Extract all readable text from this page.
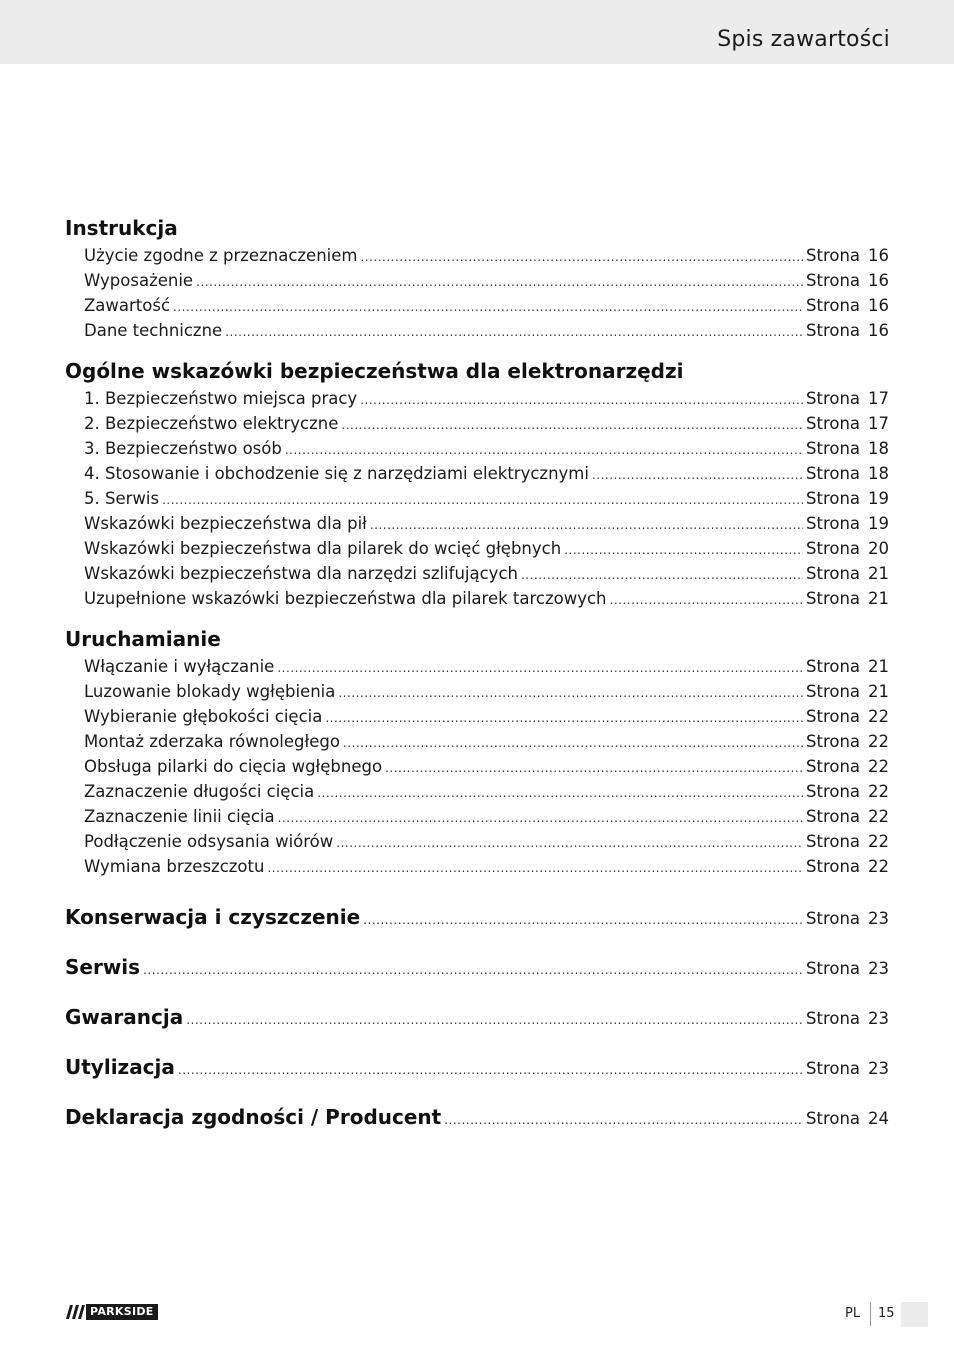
Spis zawartości
Instrukcja
Użycie zgodne z przeznaczeniem .....	Strona 16
Wyposażenie .....	Strona 16
Zawartość .....	Strona 16
Dane techniczne .....	Strona 16
Ogólne wskazówki bezpieczeństwa dla elektronarzędzi
1. Bezpieczeństwo miejsca pracy .....	Strona 17
2. Bezpieczeństwo elektryczne .....	Strona 17
3. Bezpieczeństwo osób .....	Strona 18
4. Stosowanie i obchodzenie się z narzędziami elektrycznymi .....	Strona 18
5. Serwis .....	Strona 19
Wskazówki bezpieczeństwa dla pił .....	Strona 19
Wskazówki bezpieczeństwa dla pilarek do wcięć głębnych .....	Strona 20
Wskazówki bezpieczeństwa dla narzędzi szlifujących .....	Strona 21
Uzupełnione wskazówki bezpieczeństwa dla pilarek tarczowych .....	Strona 21
Uruchamianie
Włączanie i wyłączanie .....	Strona 21
Luzowanie blokady wgłębienia .....	Strona 21
Wybieranie głębokości cięcia .....	Strona 22
Montaż zderzaka równoległego .....	Strona 22
Obsługa pilarki do cięcia wgłębnego .....	Strona 22
Zaznaczenie długości cięcia .....	Strona 22
Zaznaczenie linii cięcia .....	Strona 22
Podłączenie odsysania wiórów .....	Strona 22
Wymiana brzeszczotu .....	Strona 22
Konserwacja i czyszczenie .....	Strona 23
Serwis .....	Strona 23
Gwarancja .....	Strona 23
Utylizacja .....	Strona 23
Deklaracja zgodności / Producent .....	Strona 24
PARKSIDE	PL 15
